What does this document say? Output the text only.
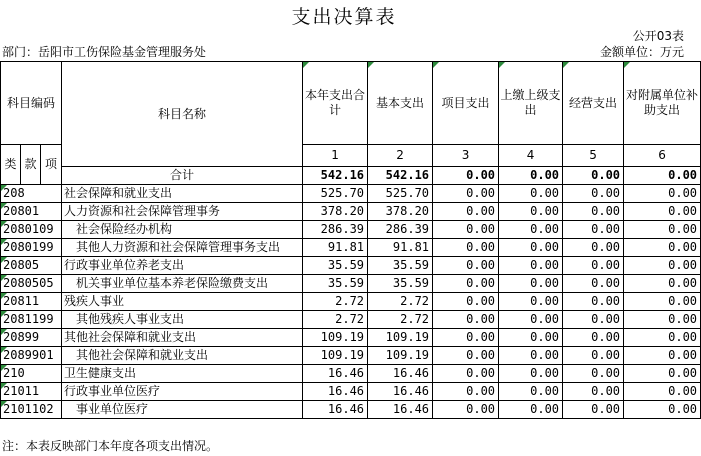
支出决算表
公开03表
部门：岳阳市工伤保险基金管理服务处	金额单位：万元
科目编码			科目名称	本年支出合计	基本支出	项目支出	上缴上级支出	经营支出	对附属单位补助支出
类	款	项		1	2	3	4	5	6
			合计	542.16	542.16	0.00	0.00	0.00	0.00

208			社会保障和就业支出	525.70	525.70	0.00	0.00	0.00	0.00

20801			人力资源和社会保障管理事务	378.20	378.20	0.00	0.00	0.00	0.00

2080109			社会保险经办机构	286.39	286.39	0.00	0.00	0.00	0.00

2080199			其他人力资源和社会保障管理事务支出	91.81	91.81	0.00	0.00	0.00	0.00

20805			行政事业单位养老支出	35.59	35.59	0.00	0.00	0.00	0.00

2080505			机关事业单位基本养老保险缴费支出	35.59	35.59	0.00	0.00	0.00	0.00

20811			残疾人事业	2.72	2.72	0.00	0.00	0.00	0.00

2081199			其他残疾人事业支出	2.72	2.72	0.00	0.00	0.00	0.00

20899			其他社会保障和就业支出	109.19	109.19	0.00	0.00	0.00	0.00

2089901			其他社会保障和就业支出	109.19	109.19	0.00	0.00	0.00	0.00

210			卫生健康支出	16.46	16.46	0.00	0.00	0.00	0.00

21011			行政事业单位医疗	16.46	16.46	0.00	0.00	0.00	0.00

2101102			事业单位医疗	16.46	16.46	0.00	0.00	0.00	0.00
注：本表反映部门本年度各项支出情况。
